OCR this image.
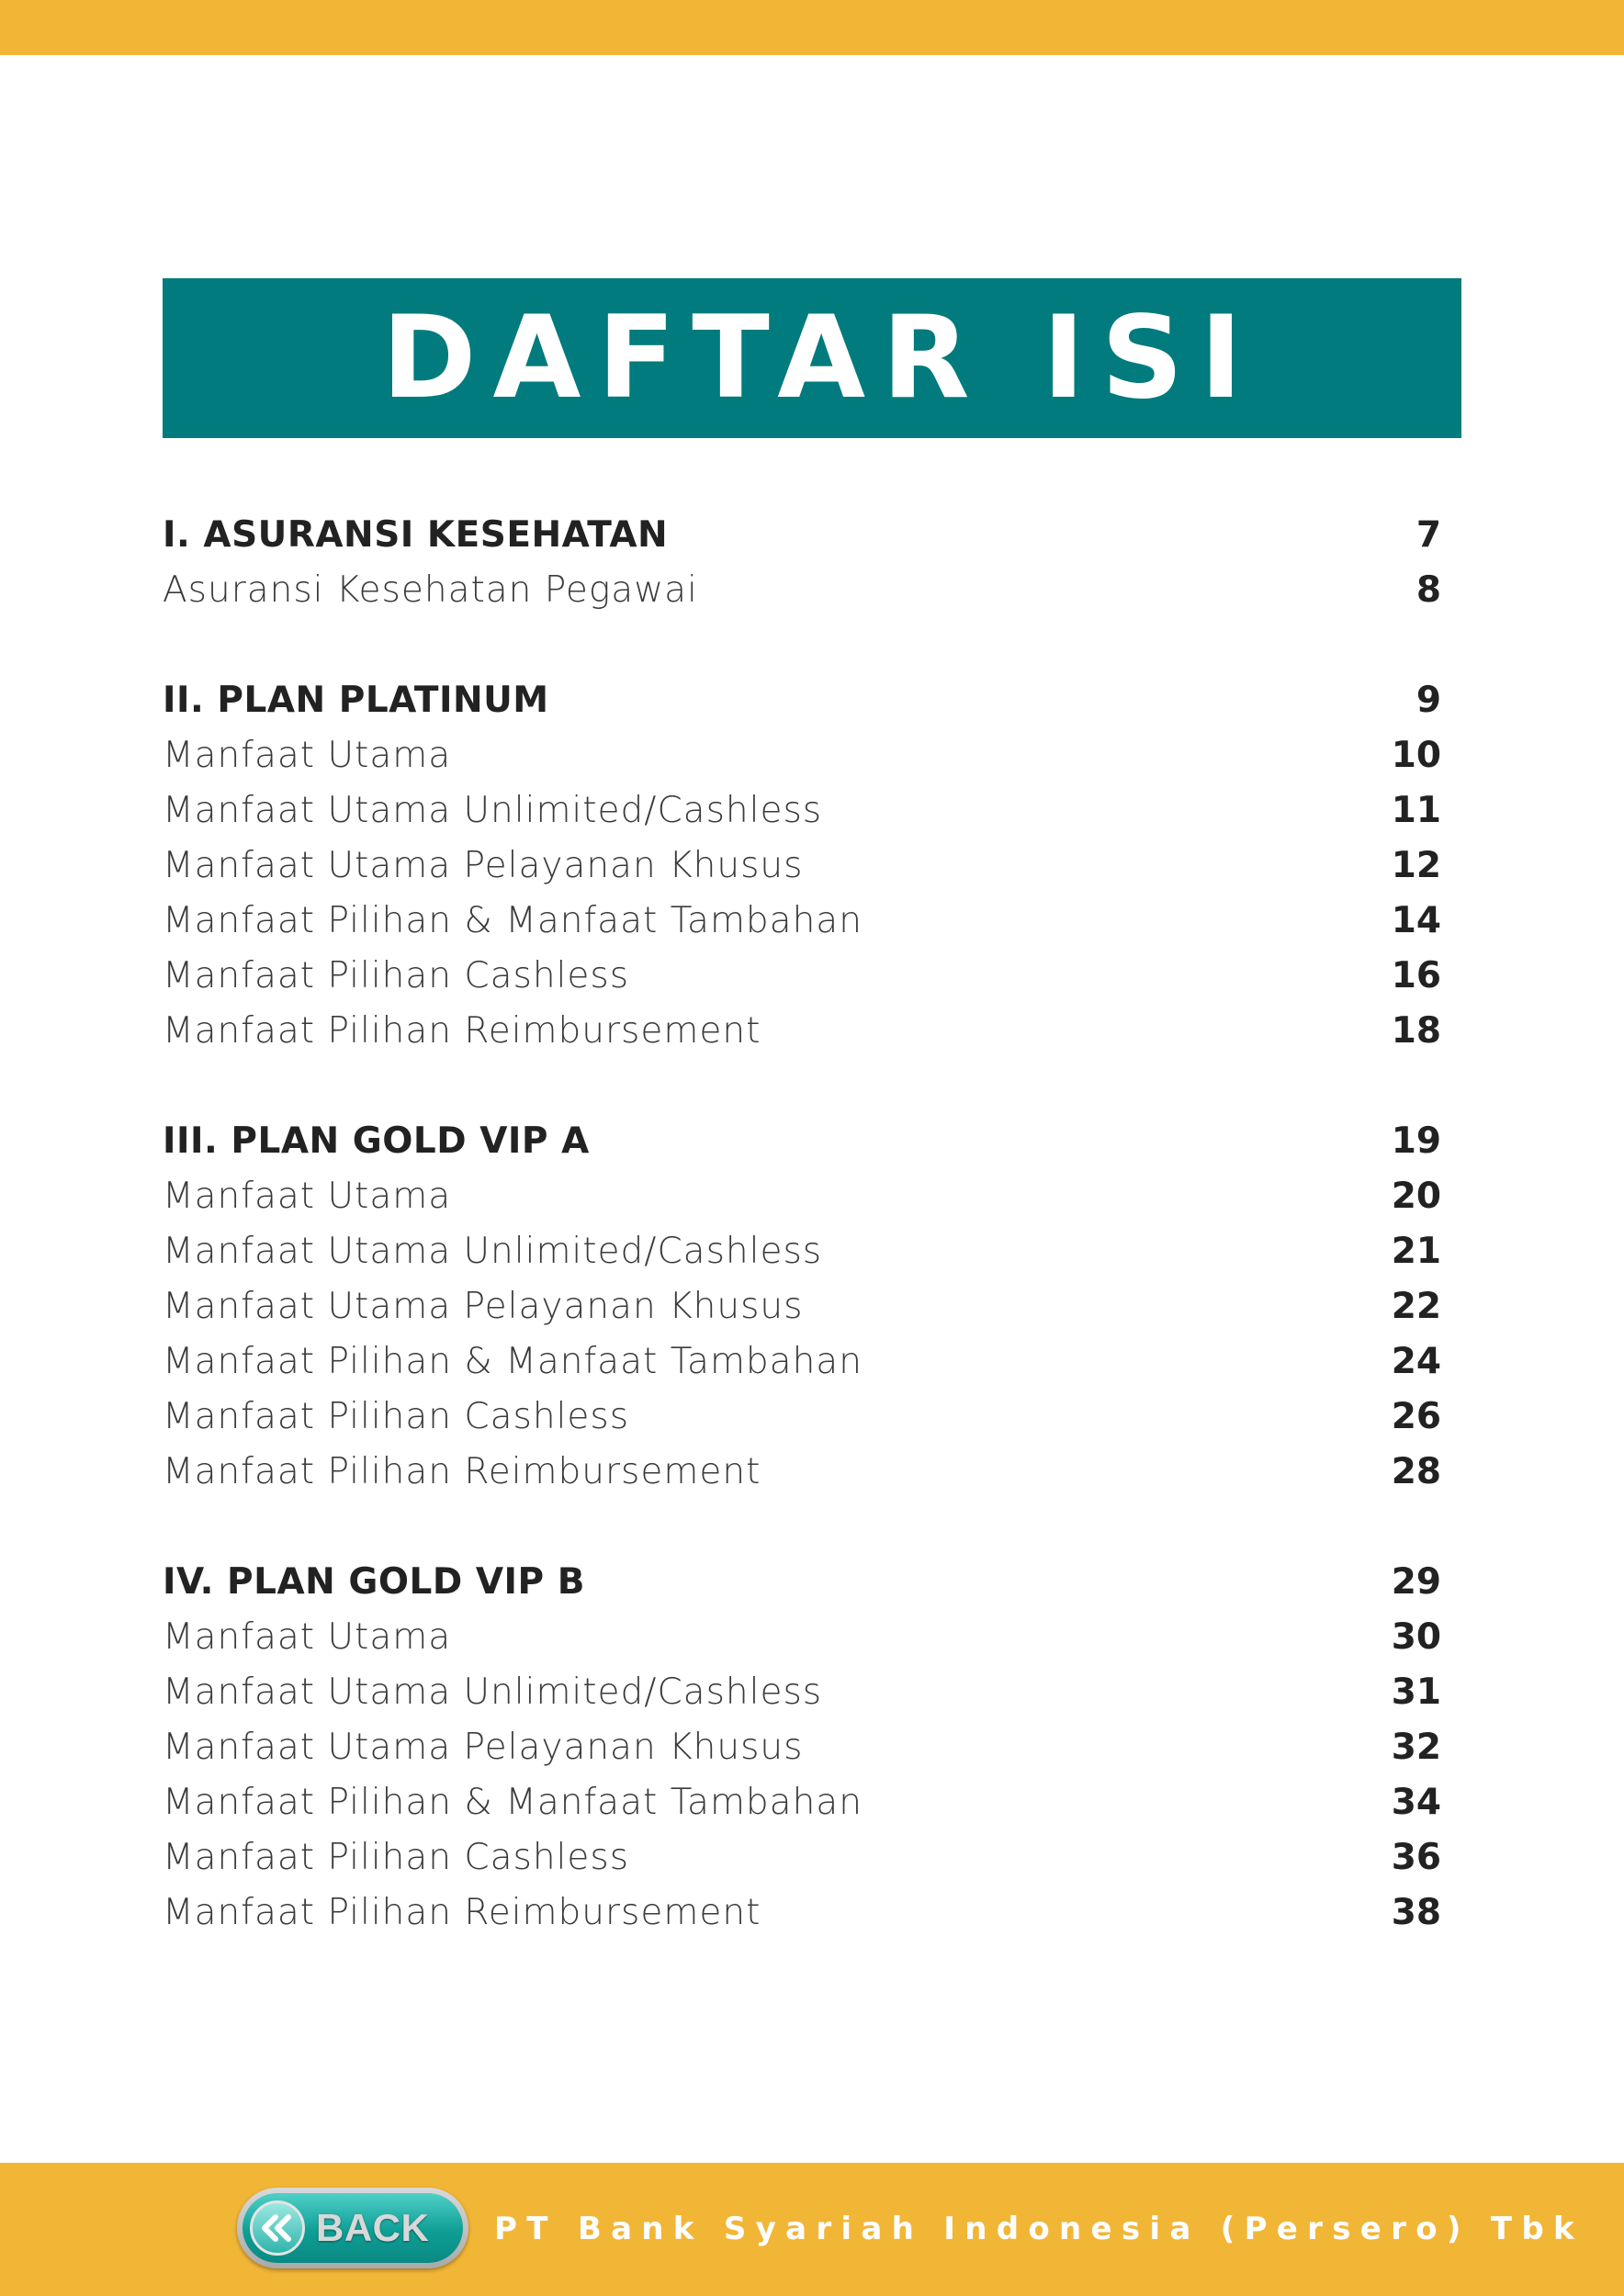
DAFTAR ISI
I. ASURANSI KESEHATAN	7
Asuransi Kesehatan Pegawai	8
II. PLAN PLATINUM	9
Manfaat Utama	10
Manfaat Utama Unlimited/Cashless	11
Manfaat Utama Pelayanan Khusus	12
Manfaat Pilihan & Manfaat Tambahan	14
Manfaat Pilihan Cashless	16
Manfaat Pilihan Reimbursement	18
III. PLAN GOLD VIP A	19
Manfaat Utama	20
Manfaat Utama Unlimited/Cashless	21
Manfaat Utama Pelayanan Khusus	22
Manfaat Pilihan & Manfaat Tambahan	24
Manfaat Pilihan Cashless	26
Manfaat Pilihan Reimbursement	28
IV. PLAN GOLD VIP B	29
Manfaat Utama	30
Manfaat Utama Unlimited/Cashless	31
Manfaat Utama Pelayanan Khusus	32
Manfaat Pilihan & Manfaat Tambahan	34
Manfaat Pilihan Cashless	36
Manfaat Pilihan Reimbursement	38
BACK PT Bank Syariah Indonesia (Persero) Tbk
